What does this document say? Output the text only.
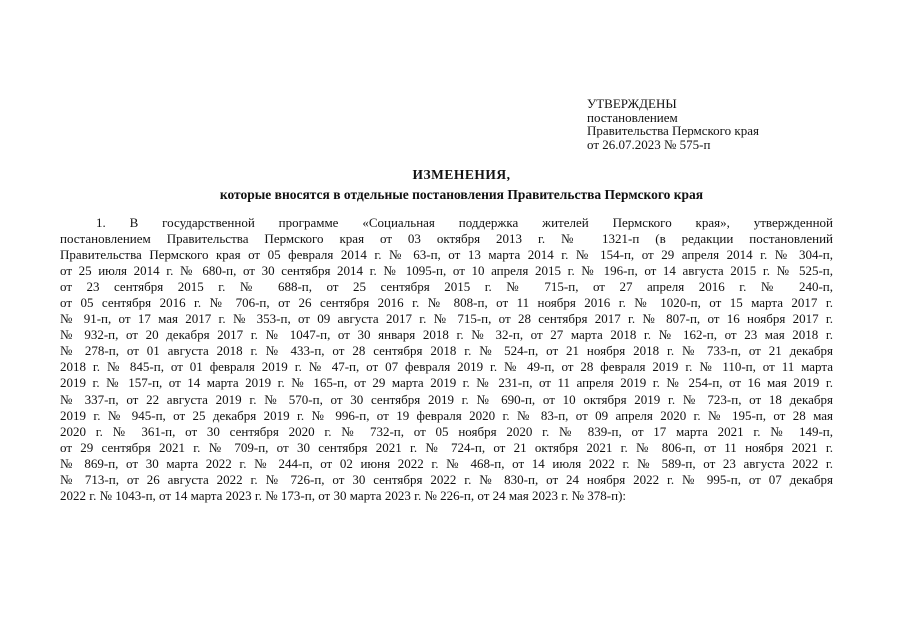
УТВЕРЖДЕНЫ
постановлением
Правительства Пермского края
от 26.07.2023 № 575-п
ИЗМЕНЕНИЯ,
которые вносятся в отдельные постановления Правительства Пермского края
1. В государственной программе «Социальная поддержка жителей Пермского края», утвержденной
постановлением Правительства Пермского края от 03 октября 2013 г. № 1321-п (в редакции постановлений
Правительства Пермского края от 05 февраля 2014 г. № 63-п, от 13 марта 2014 г. № 154-п, от 29 апреля 2014 г. № 304-п,
от 25 июля 2014 г. № 680-п, от 30 сентября 2014 г. № 1095-п, от 10 апреля 2015 г. № 196-п, от 14 августа 2015 г. № 525-п,
от 23 сентября 2015 г. № 688-п, от 25 сентября 2015 г. № 715-п, от 27 апреля 2016 г. № 240-п,
от 05 сентября 2016 г. № 706-п, от 26 сентября 2016 г. № 808-п, от 11 ноября 2016 г. № 1020-п, от 15 марта 2017 г.
№ 91-п, от 17 мая 2017 г. № 353-п, от 09 августа 2017 г. № 715-п, от 28 сентября 2017 г. № 807-п, от 16 ноября 2017 г.
№ 932-п, от 20 декабря 2017 г. № 1047-п, от 30 января 2018 г. № 32-п, от 27 марта 2018 г. № 162-п, от 23 мая 2018 г.
№ 278-п, от 01 августа 2018 г. № 433-п, от 28 сентября 2018 г. № 524-п, от 21 ноября 2018 г. № 733-п, от 21 декабря
2018 г. № 845-п, от 01 февраля 2019 г. № 47-п, от 07 февраля 2019 г. № 49-п, от 28 февраля 2019 г. № 110-п, от 11 марта
2019 г. № 157-п, от 14 марта 2019 г. № 165-п, от 29 марта 2019 г. № 231-п, от 11 апреля 2019 г. № 254-п, от 16 мая 2019 г.
№ 337-п, от 22 августа 2019 г. № 570-п, от 30 сентября 2019 г. № 690-п, от 10 октября 2019 г. № 723-п, от 18 декабря
2019 г. № 945-п, от 25 декабря 2019 г. № 996-п, от 19 февраля 2020 г. № 83-п, от 09 апреля 2020 г. № 195-п, от 28 мая
2020 г. № 361-п, от 30 сентября 2020 г. № 732-п, от 05 ноября 2020 г. № 839-п, от 17 марта 2021 г. № 149-п,
от 29 сентября 2021 г. № 709-п, от 30 сентября 2021 г. № 724-п, от 21 октября 2021 г. № 806-п, от 11 ноября 2021 г.
№ 869-п, от 30 марта 2022 г. № 244-п, от 02 июня 2022 г. № 468-п, от 14 июля 2022 г. № 589-п, от 23 августа 2022 г.
№ 713-п, от 26 августа 2022 г. № 726-п, от 30 сентября 2022 г. № 830-п, от 24 ноября 2022 г. № 995-п, от 07 декабря
2022 г. № 1043-п, от 14 марта 2023 г. № 173-п, от 30 марта 2023 г. № 226-п, от 24 мая 2023 г. № 378-п):
